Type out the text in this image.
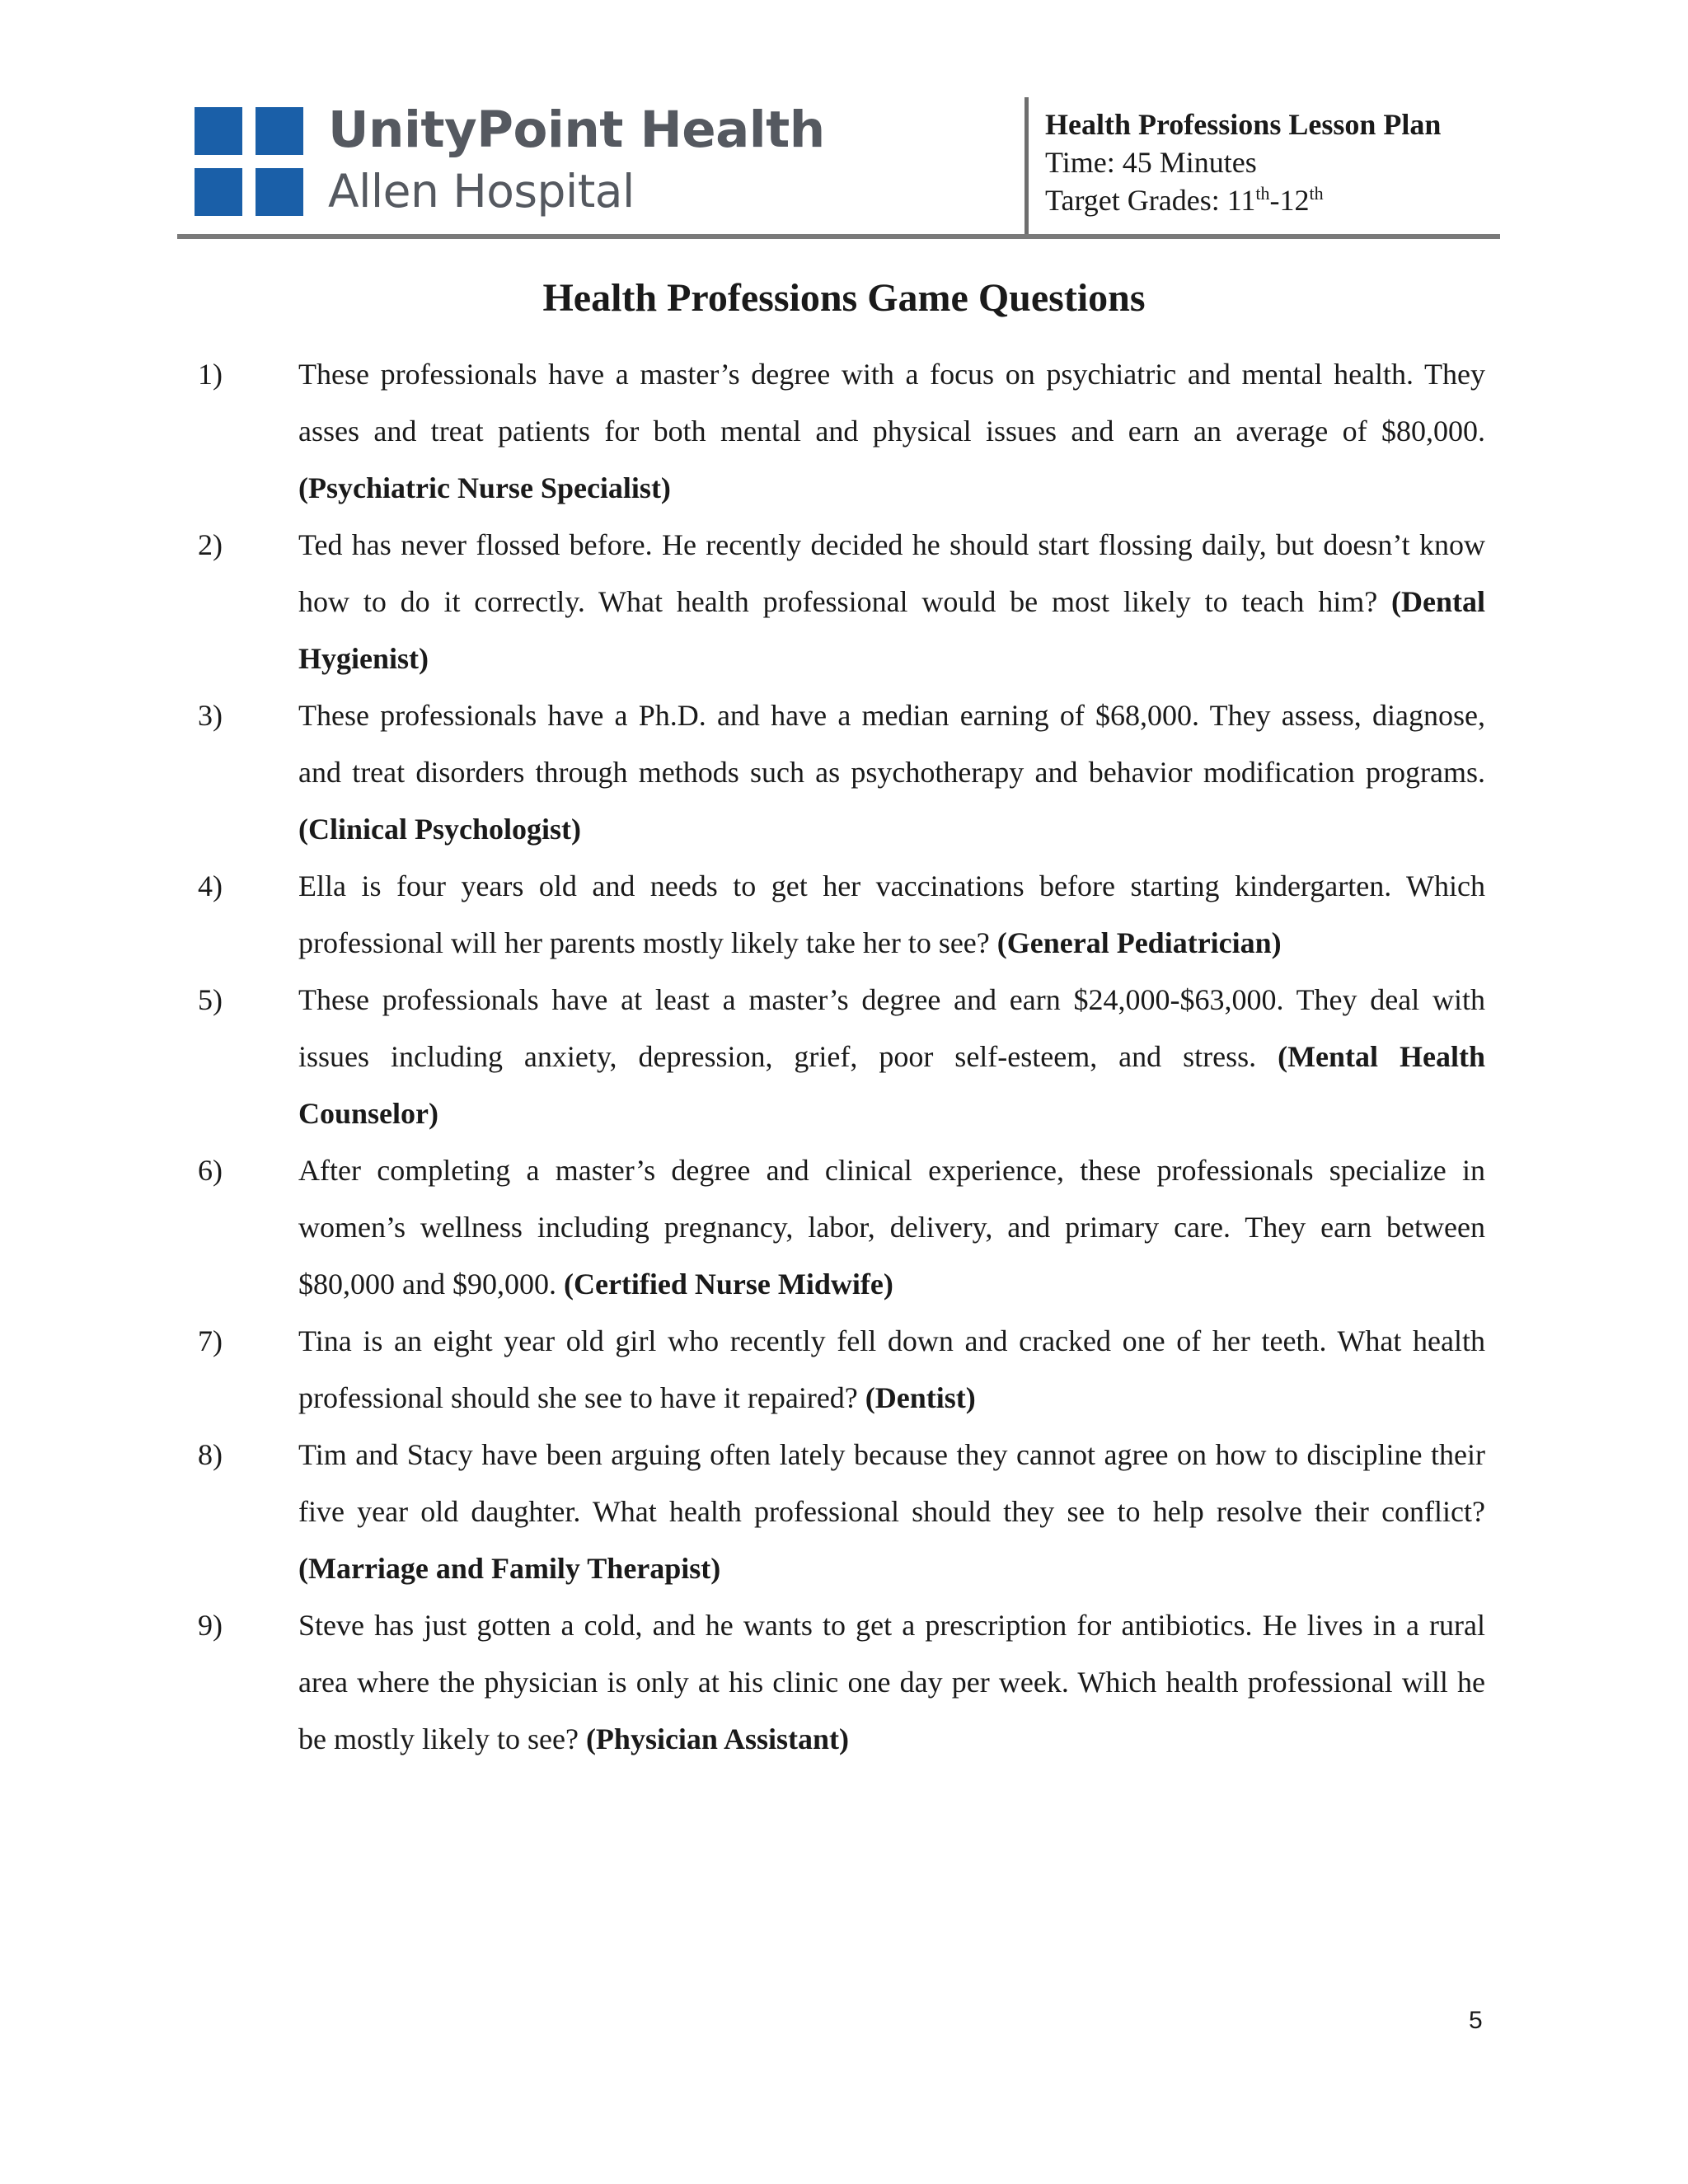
UnityPoint Health
Allen Hospital
Health Professions Lesson Plan
Time: 45 Minutes
Target Grades: 11th-12th
Health Professions Game Questions
1)	These professionals have a master’s degree with a focus on psychiatric and mental health. They asses and treat patients for both mental and physical issues and earn an average of $80,000. (Psychiatric Nurse Specialist)
2)	Ted has never flossed before. He recently decided he should start flossing daily, but doesn’t know how to do it correctly. What health professional would be most likely to teach him? (Dental Hygienist)
3)	These professionals have a Ph.D. and have a median earning of $68,000. They assess, diagnose, and treat disorders through methods such as psychotherapy and behavior modification programs. (Clinical Psychologist)
4)	Ella is four years old and needs to get her vaccinations before starting kindergarten. Which professional will her parents mostly likely take her to see? (General Pediatrician)
5)	These professionals have at least a master’s degree and earn $24,000-$63,000. They deal with issues including anxiety, depression, grief, poor self-esteem, and stress. (Mental Health Counselor)
6)	After completing a master’s degree and clinical experience, these professionals specialize in women’s wellness including pregnancy, labor, delivery, and primary care. They earn between $80,000 and $90,000. (Certified Nurse Midwife)
7)	Tina is an eight year old girl who recently fell down and cracked one of her teeth. What health professional should she see to have it repaired? (Dentist)
8)	Tim and Stacy have been arguing often lately because they cannot agree on how to discipline their five year old daughter. What health professional should they see to help resolve their conflict? (Marriage and Family Therapist)
9)	Steve has just gotten a cold, and he wants to get a prescription for antibiotics. He lives in a rural area where the physician is only at his clinic one day per week. Which health professional will he be mostly likely to see? (Physician Assistant)
5
